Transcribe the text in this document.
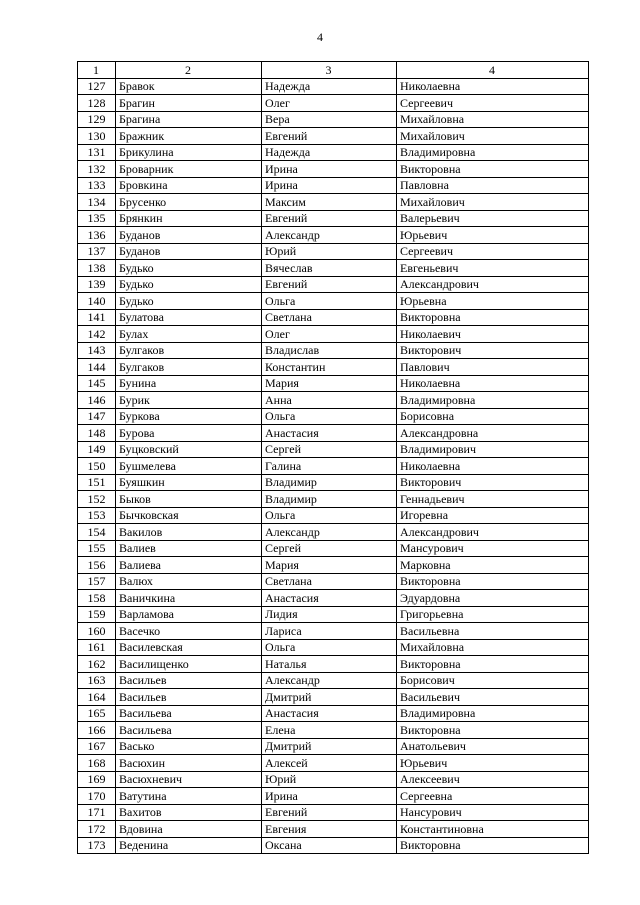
4
1	2	3	4
127	Бравок	Надежда	Николаевна
128	Брагин	Олег	Сергеевич
129	Брагина	Вера	Михайловна
130	Бражник	Евгений	Михайлович
131	Брикулина	Надежда	Владимировна
132	Броварник	Ирина	Викторовна
133	Бровкина	Ирина	Павловна
134	Брусенко	Максим	Михайлович
135	Брянкин	Евгений	Валерьевич
136	Буданов	Александр	Юрьевич
137	Буданов	Юрий	Сергеевич
138	Будько	Вячеслав	Евгеньевич
139	Будько	Евгений	Александрович
140	Будько	Ольга	Юрьевна
141	Булатова	Светлана	Викторовна
142	Булах	Олег	Николаевич
143	Булгаков	Владислав	Викторович
144	Булгаков	Константин	Павлович
145	Бунина	Мария	Николаевна
146	Бурик	Анна	Владимировна
147	Буркова	Ольга	Борисовна
148	Бурова	Анастасия	Александровна
149	Буцковский	Сергей	Владимирович
150	Бушмелева	Галина	Николаевна
151	Буяшкин	Владимир	Викторович
152	Быков	Владимир	Геннадьевич
153	Бычковская	Ольга	Игоревна
154	Вакилов	Александр	Александрович
155	Валиев	Сергей	Мансурович
156	Валиева	Мария	Марковна
157	Валюх	Светлана	Викторовна
158	Ваничкина	Анастасия	Эдуардовна
159	Варламова	Лидия	Григорьевна
160	Васечко	Лариса	Васильевна
161	Василевская	Ольга	Михайловна
162	Василищенко	Наталья	Викторовна
163	Васильев	Александр	Борисович
164	Васильев	Дмитрий	Васильевич
165	Васильева	Анастасия	Владимировна
166	Васильева	Елена	Викторовна
167	Васько	Дмитрий	Анатольевич
168	Васюхин	Алексей	Юрьевич
169	Васюхневич	Юрий	Алексеевич
170	Ватутина	Ирина	Сергеевна
171	Вахитов	Евгений	Нансурович
172	Вдовина	Евгения	Константиновна
173	Веденина	Оксана	Викторовна
